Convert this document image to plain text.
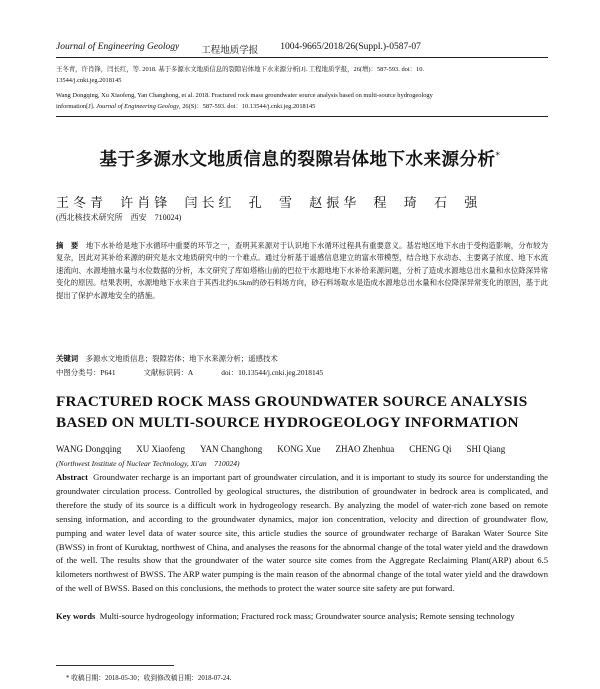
Journal of Engineering Geology 工程地质学报 1004-9665/2018/26(Suppl.)-0587-07
王冬青，许肖锋，闫长红，等. 2018. 基于多源水文地质信息的裂隙岩体地下水来源分析[J]. 工程地质学报，26(增)：587-593. doi：10.
13544/j.cnki.jeg.2018145
Wang Dongqing, Xu Xiaofeng, Yan Changhong, et al. 2018. Fractured rock mass groundwater source analysis based on multi-source hydrogeology
information[J]. Journal of Engineering Geology, 26(S)：587-593. doi：10.13544/j.cnki.jeg.2018145
基于多源水文地质信息的裂隙岩体地下水来源分析*
王冬青 许肖锋 闫长红 孔 雪 赵振华 程 琦 石 强
(西北核技术研究所　西安　710024)
摘　要　 地下水补给是地下水循环中重要的环节之一，查明其来源对于认识地下水循环过程具有重要意义。基岩地区地下水由于受构造影响，分布较为复杂，因此对其补给来源的研究是水文地质研究中的一个难点。通过分析基于遥感信息建立的富水带模型，结合地下水动态、主要离子浓度、地下水流速流向、水源地抽水量与水位数据的分析，本文研究了库如塔格山前的巴拉干水源地地下水补给来源问题，分析了造成水源地总出水量和水位降深异常变化的原因。结果表明，水源地地下水来自于其西北约6.5km的砂石料场方向，砂石料场取水是造成水源地总出水量和水位降深异常变化的原因，基于此提出了保护水源地安全的措施。
关键词　 多源水文地质信息；裂隙岩体；地下水来源分析；遥感技术
中图分类号：P641	文献标识码：A	doi：10.13544/j.cnki.jeg.2018145
FRACTURED ROCK MASS GROUNDWATER SOURCE ANALYSIS BASED ON MULTI-SOURCE HYDROGEOLOGY INFORMATION
WANG Dongqing XU Xiaofeng YAN Changhong KONG Xue ZHAO Zhenhua CHENG Qi SHI Qiang
(Northwest Institute of Nuclear Technology, Xi'an　710024)
Abstract Groundwater recharge is an important part of groundwater circulation, and it is important to study its source for understanding the groundwater circulation process. Controlled by geological structures, the distribution of groundwater in bedrock area is complicated, and therefore the study of its source is a difficult work in hydrogeology research. By analyzing the model of water-rich zone based on remote sensing information, and according to the groundwater dynamics, major ion concentration, velocity and direction of groundwater flow, pumping and water level data of water source site, this article studies the source of groundwater recharge of Barakan Water Source Site (BWSS) in front of Kuruktag, northwest of China, and analyses the reasons for the abnormal change of the total water yield and the drawdown of the well. The results show that the groundwater of the water source site comes from the Aggregate Reclaiming Plant(ARP) about 6.5 kilometers northwest of BWSS. The ARP water pumping is the main reason of the abnormal change of the total water yield and the drawdown of the well of BWSS. Based on this conclusions, the methods to protect the water source site safety are put forward.
Key words Multi-source hydrogeology information; Fractured rock mass; Groundwater source analysis; Remote sensing technology
* 收稿日期：2018-05-30；收到修改稿日期：2018-07-24.
